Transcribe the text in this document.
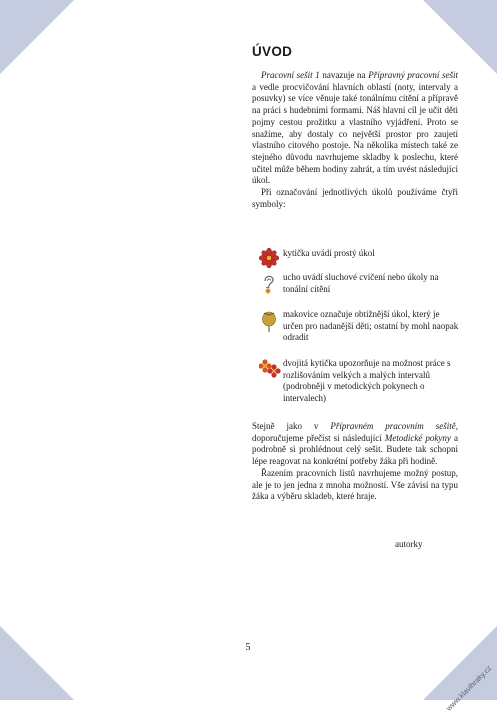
ÚVOD
Pracovní sešit 1 navazuje na Přípravný pracovní sešit a vedle procvičování hlavních oblastí (noty, intervaly a posuvky) se více věnuje také tonálnímu cítění a přípravě na práci s hudebními formami. Náš hlavní cíl je učit děti pojmy cestou prožitku a vlastního vyjádření. Proto se snažíme, aby dostaly co největší prostor pro zaujetí vlastního citového postoje. Na několika místech také ze stejného důvodu navrhujeme skladby k poslechu, které učitel může během hodiny zahrát, a tím uvést následující úkol.
Při označování jednotlivých úkolů používáme čtyři symboly:
kytička uvádí prostý úkol
ucho uvádí sluchové cvičení nebo úkoly na tonální cítění
makovice označuje obtížnější úkol, který je určen pro nadanější děti; ostatní by mohl naopak odradit
dvojitá kytička upozorňuje na možnost práce s rozlišováním velkých a malých intervalů (podrobněji v metodických pokynech o intervalech)
Stejně jako v Přípravném pracovním sešitě, doporučujeme přečíst si následující Metodické pokyny a podrobně si prohlédnout celý sešit. Budete tak schopni lépe reagovat na konkrétní potřeby žáka při hodině.
Řazením pracovních listů navrhujeme možný postup, ale je to jen jedna z mnoha možností. Vše závisí na typu žáka a výběru skladeb, které hraje.
autorky
5
www.klavihraky.cz
